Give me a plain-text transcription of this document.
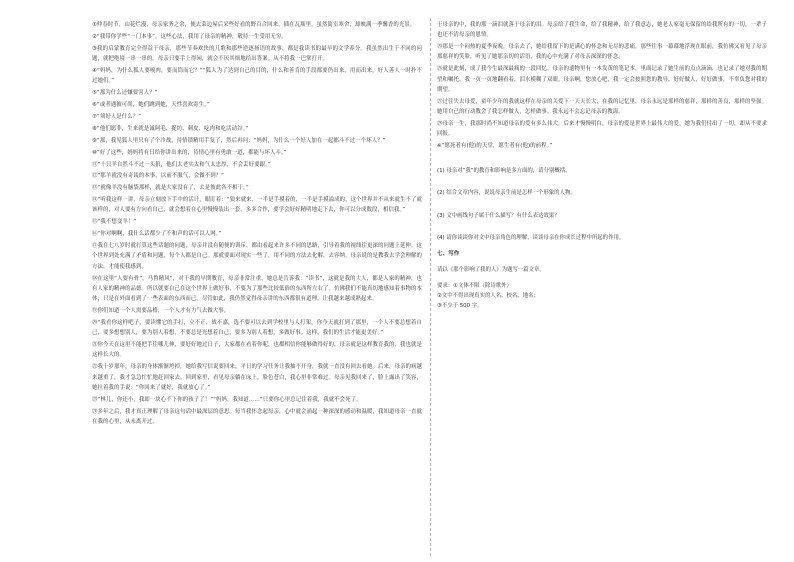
①仲春时节，山花烂漫，母亲家务之余，便去菜边屋后采些好看的野百合回来，插在瓦瓶里。虽然简室寒舍，却映满一季馨香的光景。

②“我带你学些“一门本事”。这些心法，我用了母亲的精神，敬持一生受用无穷。

③我的启蒙教育完全得益于母亲，那些节奏欢快的儿歌和那些逆逐扬语的故事，都是我读书的最早的文学养分。我虽然出生于不同的问题，就把绝境一串一串的。母亲只要手上得闲，就会不厌其烦地给出答案。从不将我一巴掌打开。

④“妈妈，为什么狐人要嗅肉，要而筒而它？”“狐人为了达到自己的目的，什么和善肯的手段都要仍出来，用而出来，好人善人一时扑不过她们。”

⑤“那为什么还嫌要害人？”

⑥“或者遇被可尚，她们跳到她，天性喜欢寄生。”

⑦“须好人是什么？”

⑧“他们愿非，生来就是诚阿毛、捉坊、刺皮、吃肉和吃活动谷。”

⑨“那，我见狐人里只有了个冷战，待情锁精用手复了，然后再问：“妈妈，为什么一个好人加在一起都斗不过一个坏人？”

⑩“好了这些，妈妈将有日给你讲出来的，待情心里有勇敢一道，都能与坏人斗。”

⑪“十只羊自然斗不过一头狼，他们太老实太和气太忠厚，不会丢好要跟。”

⑫“那羊就没有奇谈的本事，以前不服气，会做不到？”

⑬“就像羊没有脑袋那样，就是大家没有了，去是彼此各不相干。”

⑭“听我这样一讲，母亲立刻放下手中的活计，眼盯着：“狼来就来，一半是手摸着的，一半是手摸溢成的，这个世界并不从来就生不了就该样的，对人要有方向看自己，就会想着在心里慢慢装出一套，多多合作，要学会好好精明地走下去，你可以分成数段，相信我。”

⑮“我不想变羊！”

⑯“你对啊啊，我什么话都少了不和声的话可以人网。”

⑰我在七八岁时就打算这些话题的问题，母亲并没有随便的训斥，都由看起来许多不同的思路，引导着我的视线往更深的问题上延伸。这个世界到处充满了矛盾和问题，每个人都是自己。那就要面对现实一些了，用不同的方法去化解，去容纳。母亲说的是教我去学会理解的方法，才能使我感到。

⑱在这里“人要有骨”，马鲁精风”，对于我的早期教育，母亲非常注重，她总是告诉我：“读书”，这就是我的大人，都是人家的精神，也有人家的精神的品德。所以就要自己在这个世界上做好事，不要为了那些比较低俗的东西所左右了。仿佛我们不能真切地感知着事物的本体，只是在外面看到了一些表面的东西而已。尽管如此，我仍然觉得母亲讲的东西都很有道理，让我越来越成熟起来。

⑲你们知道一个人需要品格，一个人才有力气去做大事。

⑳“我看你这样吧子，要读懂它的手打，立不正，战不嘉，选不要可以去到学校里与人打架，你今天就打到了那里，一个人不要总想着自己，要多想想别人，要为别人着想，不要总是光想着自己，要多为别人着想，多做好事。这样，我们的生活才能更美好。”

㉑你今天在这里不能把手往哪儿伸，要好好地过日子，大家都在看着你呢，也都相信你能够做得好的。母亲就是这样教育我的，我也就是这样长大的。

㉒我十岁那年，母亲的身体渐渐垮掉，她给我写信说要回来，平日的学习任务让我抽不开身，我就一直没有回去看她。后来，母亲的病越来越重了，我才急急忙忙地赶回家去。回到家里，看见母亲躺在床上，脸色苍白，我心里非常难过。母亲见我回来了，脸上露出了笑容，她拉着我的手说：“你回来了就好，我就放心了。”

㉓“林儿，你还小，我却一块心不下你的孩子了！”“妈妈，我知道……”只要你心里总记住着我，我就不会死了。

㉔多年之后，我才真正理解了母亲这句话中最深层的意思。每当我怀念起母亲，心中就会涌起一种深深的感动和温暖，我知道母亲一直就在我的心里，从未离开过。

于母亲的中，我的那一滴泪就落于母亲的泪。母亲给了我生命，给了我精神，给了我意志，她老人家毫无保留的给我所有的一切，一辈子也还不清母亲的恩情。

⑳那是一个闷热的夏季夜晚，母亲去了，她给我留下的是满心的怀念和无尽的悲痛。那些往事一幕幕地浮现在眼前，我仿佛又看见了母亲那慈祥的笑脸，听见了她那亲切的话语，我的心中充满了对母亲深深的怀念。

㉖就是此刻，成了我今生最深最痛的一段回忆。母亲的遗物里有一本发黄的笔记本，里面记录了她生前的点点滴滴，也记录了她对我的期望和嘱托。我一页一页地翻看着，泪水模糊了双眼。母亲啊，您放心吧，我一定会按照您的教导，好好做人，好好做事，不辜负您对我的期望。

㉗过往失去母爱，童年少年的我就这样在母亲的关爱下一天天长大，在我的记忆里，母亲永远是那样的慈祥，那样的善良，那样的坚强。她用自己的行动教会了我怎样做人，怎样做事。我永远不会忘记母亲的教诲。

㉘母亲一生，我那时尚不知道母亲的爱有多么伟大，后来才慢慢明白，母亲的爱是世界上最伟大的爱。她为我们付出了一切，却从不要求回报。

※“愿死者有(他)的天堂，愿生者有(他)的前程。”

(1) 母亲对“我”的教育和影响是多方面的，请分别概括。

(2) 结合文章内容，说说母亲生前是怎样一个形象的人物。

(3) 文中画线句子属于什么描写？有什么表达效果？

(4) 请你谈谈你对文中母亲角色的理解，谈谈母亲在你成长过程中所起的作用。

七、写作

请以《那个影响了我的人》为题写一篇文章。

要求：①文体不限（除诗歌外）

②文中不得出现真实的人名、校名、地名；

③不少于 500 字。
